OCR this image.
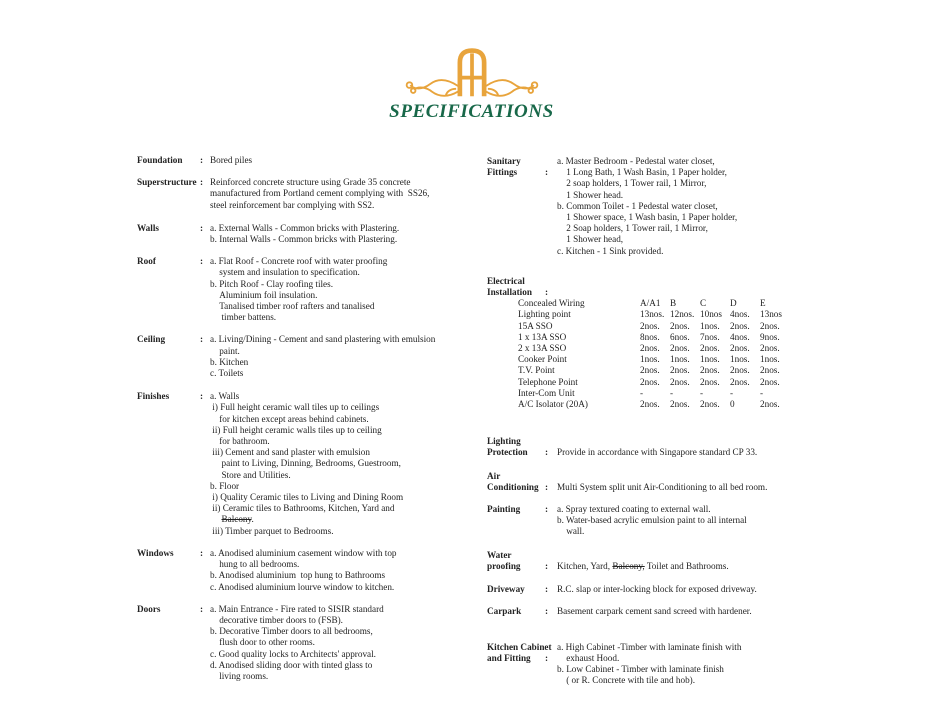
SPECIFICATIONS
Foundation	: Bored piles
Superstructure : Reinforced concrete structure using Grade 35 concrete
manufactured from Portland cement complying with  SS26,
steel reinforcement bar complying with SS2.
Walls	: a. External Walls - Common bricks with Plastering.
b. Internal Walls - Common bricks with Plastering.
Roof	: a. Flat Roof - Concrete roof with water proofing
system and insulation to specification.
b. Pitch Roof - Clay roofing tiles.
Aluminium foil insulation.
Tanalised timber roof rafters and tanalised
timber battens.
Ceiling	: a. Living/Dining - Cement and sand plastering with emulsion
paint.
b. Kitchen
c. Toilets
Finishes	: a. Walls
i) Full height ceramic wall tiles up to ceilings
for kitchen except areas behind cabinets.
ii) Full height ceramic walls tiles up to ceiling
for bathroom.
iii) Cement and sand plaster with emulsion
paint to Living, Dinning, Bedrooms, Guestroom,
Store and Utilities.
b. Floor
i) Quality Ceramic tiles to Living and Dining Room
ii) Ceramic tiles to Bathrooms, Kitchen, Yard and
Balcony.
iii) Timber parquet to Bedrooms.
Windows	: a. Anodised aluminium casement window with top
hung to all bedrooms.
b. Anodised aluminium  top hung to Bathrooms
c. Anodised aluminium lourve window to kitchen.
Doors	: a. Main Entrance - Fire rated to SISIR standard
decorative timber doors to (FSB).
b. Decorative Timber doors to all bedrooms,
flush door to other rooms.
c. Good quality locks to Architects' approval.
d. Anodised sliding door with tinted glass to
living rooms.
Sanitary
Fittings	:
a. Master Bedroom - Pedestal water closet,
1 Long Bath, 1 Wash Basin, 1 Paper holder,
2 soap holders, 1 Tower rail, 1 Mirror,
1 Shower head.
b. Common Toilet - 1 Pedestal water closet,
1 Shower space, 1 Wash basin, 1 Paper holder,
2 Soap holders, 1 Tower rail, 1 Mirror,
1 Shower head,
c. Kitchen - 1 Sink provided.
Electrical
Installation	:
Concealed Wiring	A/A1	B	C	D	E
Lighting point	13nos. 12nos. 10nos 4nos.	13nos
15A SSO	2nos.	2nos.	1nos.	2nos.	2nos.
1 x 13A SSO	8nos.	6nos.	7nos.	4nos.	9nos.
2 x 13A SSO	2nos.	2nos.	2nos.	2nos.	2nos.
Cooker Point	1nos.	1nos.	1nos.	1nos.	1nos.
T.V. Point	2nos.	2nos.	2nos.	2nos.	2nos.
Telephone Point	2nos.	2nos.	2nos.	2nos.	2nos.
Inter-Com Unit	-	-	-	-	-
A/C Isolator (20A)	2nos.	2nos.	2nos.	0	2nos.
Lighting
Protection	: Provide in accordance with Singapore standard CP 33.
Air
Conditioning : Multi System split unit Air-Conditioning to all bed room.
Painting	: a. Spray textured coating to external wall.
b. Water-based acrylic emulsion paint to all internal
wall.
Water
proofing	: Kitchen, Yard, Balcony, Toilet and Bathrooms.
Driveway	: R.C. slap or inter-locking block for exposed driveway.
Carpark	: Basement carpark cement sand screed with hardener.
Kitchen Cabinet
and Fitting	:
a. High Cabinet -Timber with laminate finish with
exhaust Hood.
b. Low Cabinet - Timber with laminate finish
( or R. Concrete with tile and hob).
